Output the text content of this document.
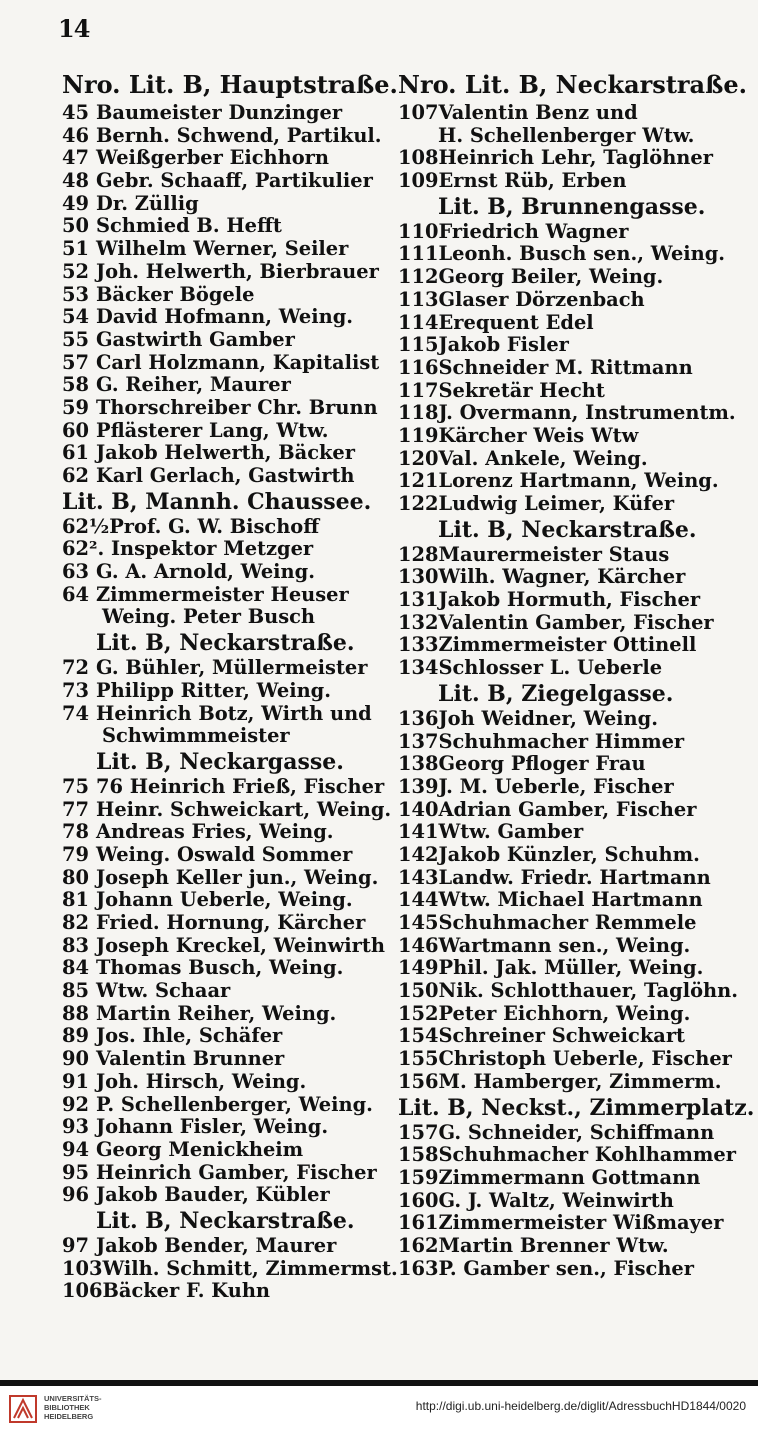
14
Nro. Lit. B, Hauptstraße.
45 Baumeister Dunzinger
46 Bernh. Schwend, Partikul.
47 Weißgerber Eichhorn
48 Gebr. Schaaff, Partikulier
49 Dr. Züllig
50 Schmied B. Hefft
51 Wilhelm Werner, Seiler
52 Joh. Helwerth, Bierbrauer
53 Bäcker Bögele
54 David Hofmann, Weing.
55 Gastwirth Gamber
57 Carl Holzmann, Kapitalist
58 G. Reiher, Maurer
59 Thorschreiber Chr. Brunn
60 Pflästerer Lang, Wtw.
61 Jakob Helwerth, Bäcker
62 Karl Gerlach, Gastwirth
Lit. B, Mannh. Chaussee.
62½Prof. G. W. Bischoff
62². Inspektor Metzger
63 G. A. Arnold, Weing.
64 Zimmermeister Heuser
Weing. Peter Busch
Lit. B, Neckarstraße.
72 G. Bühler, Müllermeister
73 Philipp Ritter, Weing.
74 Heinrich Botz, Wirth und
Schwimmmeister
Lit. B, Neckargasse.
75 76 Heinrich Frieß, Fischer
77 Heinr. Schweickart, Weing.
78 Andreas Fries, Weing.
79 Weing. Oswald Sommer
80 Joseph Keller jun., Weing.
81 Johann Ueberle, Weing.
82 Fried. Hornung, Kärcher
83 Joseph Kreckel, Weinwirth
84 Thomas Busch, Weing.
85 Wtw. Schaar
88 Martin Reiher, Weing.
89 Jos. Ihle, Schäfer
90 Valentin Brunner
91 Joh. Hirsch, Weing.
92 P. Schellenberger, Weing.
93 Johann Fisler, Weing.
94 Georg Menickheim
95 Heinrich Gamber, Fischer
96 Jakob Bauder, Kübler
Lit. B, Neckarstraße.
97 Jakob Bender, Maurer
103Wilh. Schmitt, Zimmermst.
106Bäcker F. Kuhn
Nro. Lit. B, Neckarstraße.
107Valentin Benz und
H. Schellenberger Wtw.
108Heinrich Lehr, Taglöhner
109Ernst Rüb, Erben
Lit. B, Brunnengasse.
110Friedrich Wagner
111Leonh. Busch sen., Weing.
112Georg Beiler, Weing.
113Glaser Dörzenbach
114Erequent Edel
115Jakob Fisler
116Schneider M. Rittmann
117Sekretär Hecht
118J. Overmann, Instrumentm.
119Kärcher Weis Wtw
120Val. Ankele, Weing.
121Lorenz Hartmann, Weing.
122Ludwig Leimer, Küfer
Lit. B, Neckarstraße.
128Maurermeister Staus
130Wilh. Wagner, Kärcher
131Jakob Hormuth, Fischer
132Valentin Gamber, Fischer
133Zimmermeister Ottinell
134Schlosser L. Ueberle
Lit. B, Ziegelgasse.
136Joh Weidner, Weing.
137Schuhmacher Himmer
138Georg Pfloger Frau
139J. M. Ueberle, Fischer
140Adrian Gamber, Fischer
141Wtw. Gamber
142Jakob Künzler, Schuhm.
143Landw. Friedr. Hartmann
144Wtw. Michael Hartmann
145Schuhmacher Remmele
146Wartmann sen., Weing.
149Phil. Jak. Müller, Weing.
150Nik. Schlotthauer, Taglöhn.
152Peter Eichhorn, Weing.
154Schreiner Schweickart
155Christoph Ueberle, Fischer
156M. Hamberger, Zimmerm.
Lit. B, Neckst., Zimmerplatz.
157G. Schneider, Schiffmann
158Schuhmacher Kohlhammer
159Zimmermann Gottmann
160G. J. Waltz, Weinwirth
161Zimmermeister Wißmayer
162Martin Brenner Wtw.
163P. Gamber sen., Fischer
UNIVERSITÄTS-
BIBLIOTHEK
HEIDELBERG
http://digi.ub.uni-heidelberg.de/diglit/AdressbuchHD1844/0020
